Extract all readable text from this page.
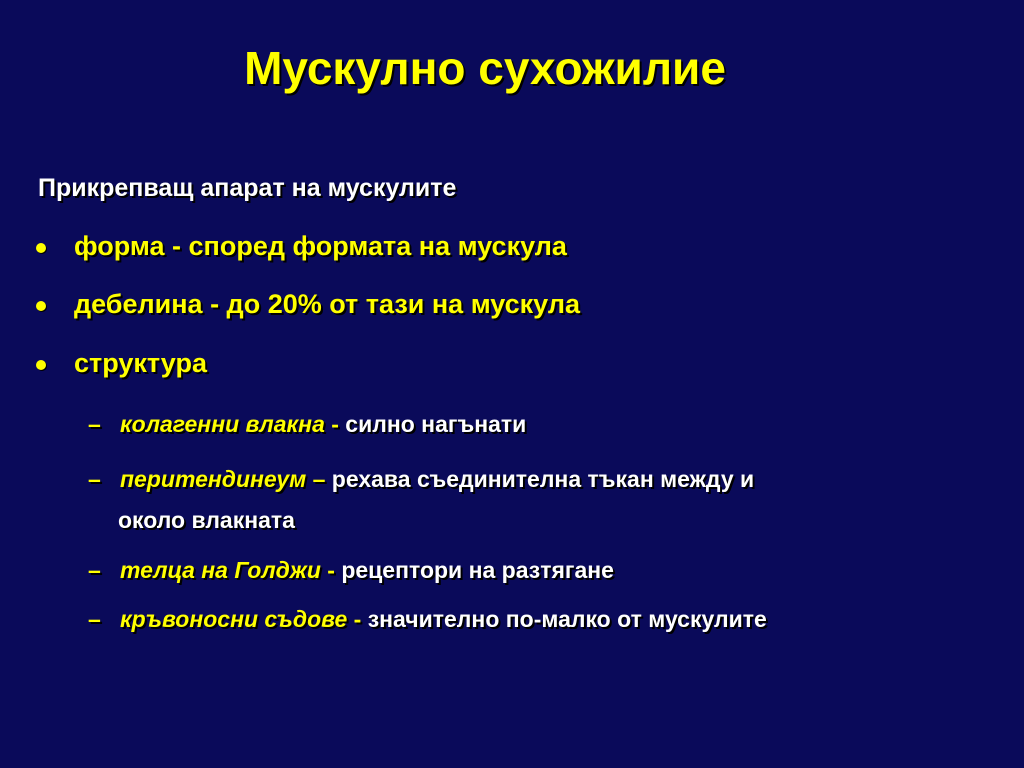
Мускулно сухожилие
Прикрепващ апарат на мускулите
форма - според формата на мускула
дебелина - до 20% от тази на мускула
структура
– колагенни влакна - силно нагънати
– перитендинеум – рехава съединителна тъкан между и
около влакната
– телца на Голджи - рецептори на разтягане
– кръвоносни съдове - значително по-малко от мускулите
